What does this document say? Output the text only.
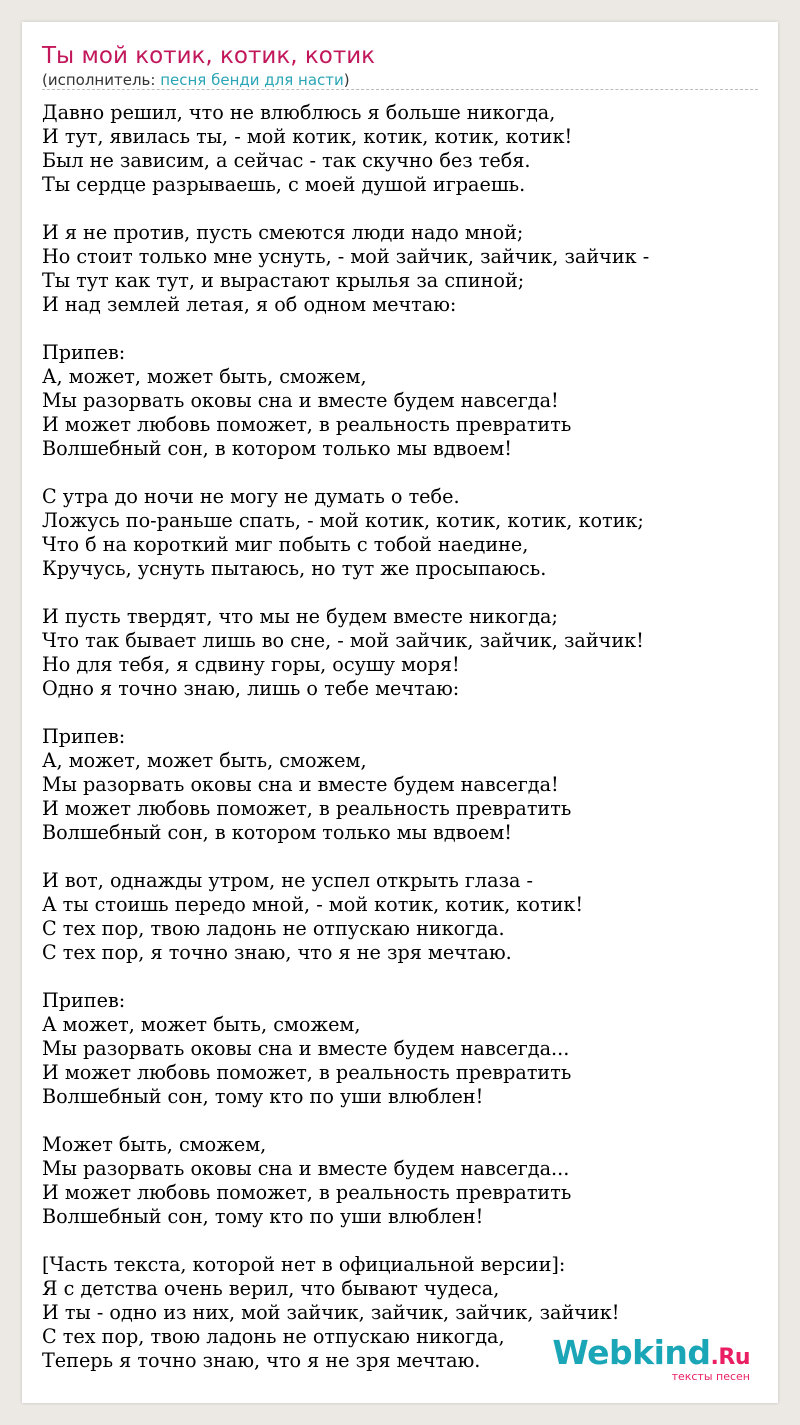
Ты мой котик, котик, котик
(исполнитель: песня бенди для насти)
Давно решил, что не влюблюсь я больше никогда,
И тут, явилась ты, - мой котик, котик, котик, котик!
Был не зависим, а сейчас - так скучно без тебя.
Ты сердце разрываешь, с моей душой играешь.
И я не против, пусть смеются люди надо мной;
Но стоит только мне уснуть, - мой зайчик, зайчик, зайчик -
Ты тут как тут, и вырастают крылья за спиной;
И над землей летая, я об одном мечтаю:
Припев:
А, может, может быть, сможем,
Мы разорвать оковы сна и вместе будем навсегда!
И может любовь поможет, в реальность превратить
Волшебный сон, в котором только мы вдвоем!
С утра до ночи не могу не думать о тебе.
Ложусь по-раньше спать, - мой котик, котик, котик, котик;
Что б на короткий миг побыть с тобой наедине,
Кручусь, уснуть пытаюсь, но тут же просыпаюсь.
И пусть твердят, что мы не будем вместе никогда;
Что так бывает лишь во сне, - мой зайчик, зайчик, зайчик!
Но для тебя, я сдвину горы, осушу моря!
Одно я точно знаю, лишь о тебе мечтаю:
Припев:
А, может, может быть, сможем,
Мы разорвать оковы сна и вместе будем навсегда!
И может любовь поможет, в реальность превратить
Волшебный сон, в котором только мы вдвоем!
И вот, однажды утром, не успел открыть глаза -
А ты стоишь передо мной, - мой котик, котик, котик!
С тех пор, твою ладонь не отпускаю никогда.
С тех пор, я точно знаю, что я не зря мечтаю.
Припев:
А может, может быть, сможем,
Мы разорвать оковы сна и вместе будем навсегда...
И может любовь поможет, в реальность превратить
Волшебный сон, тому кто по уши влюблен!
Может быть, сможем,
Мы разорвать оковы сна и вместе будем навсегда...
И может любовь поможет, в реальность превратить
Волшебный сон, тому кто по уши влюблен!
[Часть текста, которой нет в официальной версии]:
Я с детства очень верил, что бывают чудеса,
И ты - одно из них, мой зайчик, зайчик, зайчик, зайчик!
С тех пор, твою ладонь не отпускаю никогда,
Теперь я точно знаю, что я не зря мечтаю.	Webkind.Ru
тексты песен
